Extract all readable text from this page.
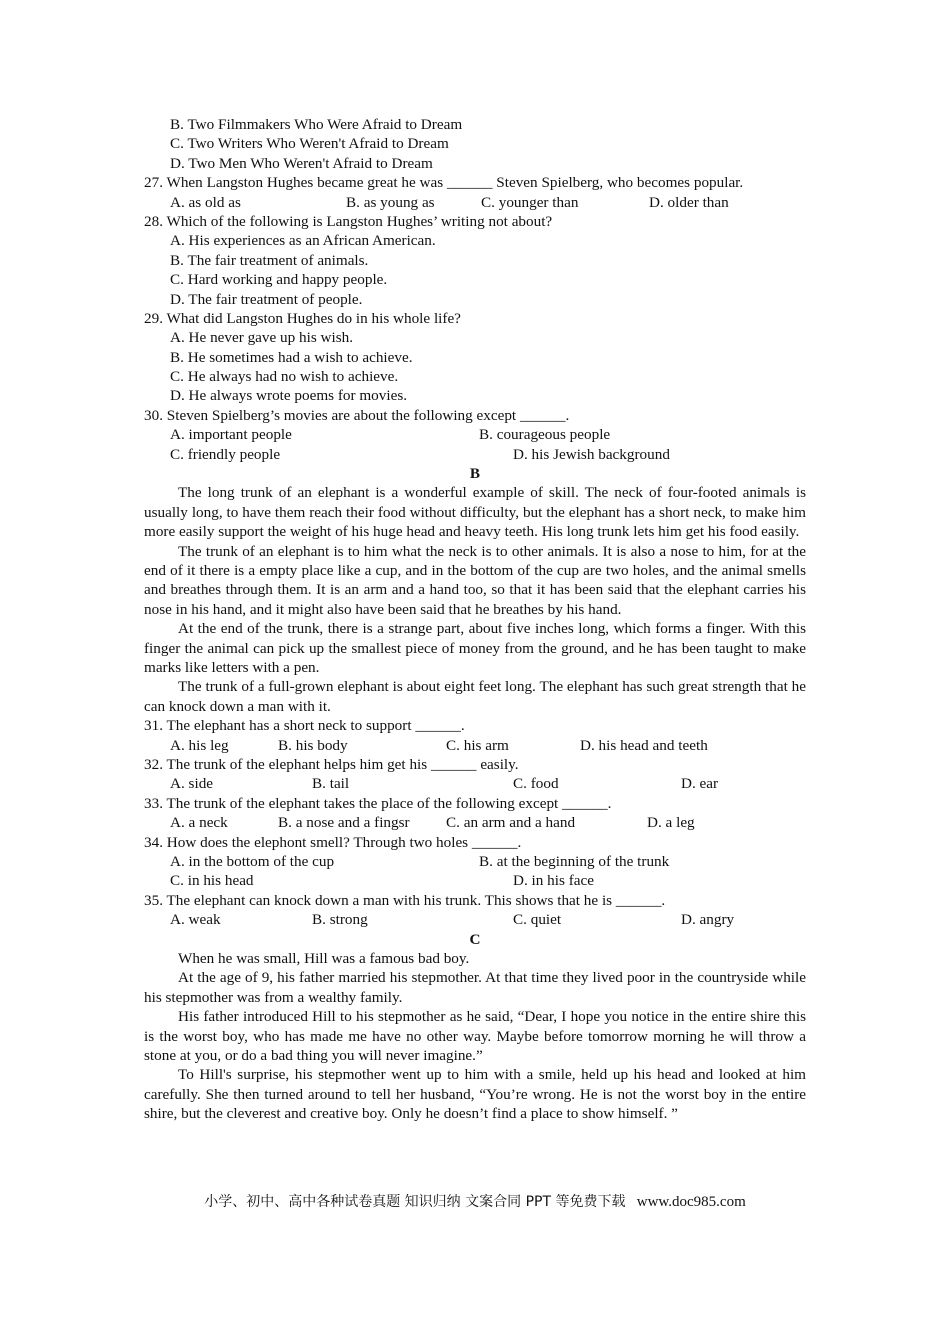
B. Two Filmmakers Who Were Afraid to Dream
C. Two Writers Who Weren't Afraid to Dream
D. Two Men Who Weren't Afraid to Dream
27. When Langston Hughes became great he was ______ Steven Spielberg, who becomes popular.
A. as old as	B. as young as	C. younger than	D. older than
28. Which of the following is Langston Hughes’ writing not about?
A. His experiences as an African American.
B. The fair treatment of animals.
C. Hard working and happy people.
D. The fair treatment of people.
29. What did Langston Hughes do in his whole life?
A. He never gave up his wish.
B. He sometimes had a wish to achieve.
C. He always had no wish to achieve.
D. He always wrote poems for movies.
30. Steven Spielberg’s movies are about the following except ______.
A. important people	B. courageous people
C. friendly people	D. his Jewish background
B

The long trunk of an elephant is a wonderful example of skill. The neck of four-footed animals is usually long, to have them reach their food without difficulty, but the elephant has a short neck, to make him more easily support the weight of his huge head and heavy teeth. His long trunk lets him get his food easily.

The trunk of an elephant is to him what the neck is to other animals. It is also a nose to him, for at the end of it there is a empty place like a cup, and in the bottom of the cup are two holes, and the animal smells and breathes through them. It is an arm and a hand too, so that it has been said that the elephant carries his nose in his hand, and it might also have been said that he breathes by his hand.

At the end of the trunk, there is a strange part, about five inches long, which forms a finger. With this finger the animal can pick up the smallest piece of money from the ground, and he has been taught to make marks like letters with a pen.

The trunk of a full-grown elephant is about eight feet long. The elephant has such great strength that he can knock down a man with it.

31. The elephant has a short neck to support ______.
A. his leg	B. his body	C. his arm	D. his head and teeth
32. The trunk of the elephant helps him get his ______ easily.
A. side	B. tail	C. food	D. ear
33. The trunk of the elephant takes the place of the following except ______.
A. a neck	B. a nose and a fingsr	C. an arm and a hand	D. a leg
34. How does the elephont smell? Through two holes ______.
A. in the bottom of the cup	B. at the beginning of the trunk
C. in his head	D. in his face
35. The elephant can knock down a man with his trunk. This shows that he is ______.
A. weak	B. strong	C. quiet	D. angry
C

When he was small, Hill was a famous bad boy.

At the age of 9, his father married his stepmother. At that time they lived poor in the countryside while his stepmother was from a wealthy family.

His father introduced Hill to his stepmother as he said, “Dear, I hope you notice in the entire shire this is the worst boy, who has made me have no other way. Maybe before tomorrow morning he will throw a stone at you, or do a bad thing you will never imagine.”

To Hill's surprise, his stepmother went up to him with a smile, held up his head and looked at him carefully. She then turned around to tell her husband, “You’re wrong. He is not the worst boy in the entire shire, but the cleverest and creative boy. Only he doesn’t find a place to show himself. ”

小学、初中、高中各种试卷真题 知识归纳 文案合同 PPT 等免费下载 www.doc985.com
